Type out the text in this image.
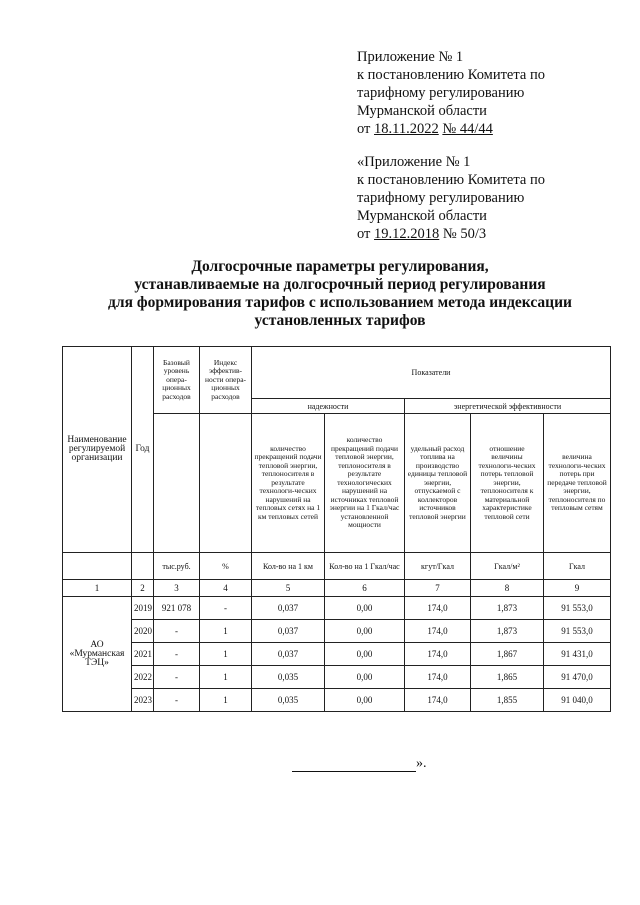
Приложение № 1
к постановлению Комитета по
тарифному регулированию
Мурманской области
от 18.11.2022 № 44/44
«Приложение № 1
к постановлению Комитета по
тарифному регулированию
Мурманской области
от 19.12.2018 № 50/3
Долгосрочные параметры регулирования,
устанавливаемые на долгосрочный период регулирования
для формирования тарифов с использованием метода индексации
установленных тарифов
Наименование регулируемой организации	Год	Базовый уровень опера-ционных расходов	Индекс эффектив-ности опера-ционных расходов	Показатели				
				надежности		энергетической эффективности		
				количество прекращений подачи тепловой энергии, теплоносителя в результате технологи-ческих нарушений на тепловых сетях на 1 км тепловых сетей	количество прекращений подачи тепловой энергии, теплоносителя в результате технологических нарушений на источниках тепловой энергии на 1 Гкал/час установленной мощности	удельный расход топлива на производство единицы тепловой энергии, отпускаемой с коллекторов источников тепловой энергии	отношение величины технологи-ческих потерь тепловой энергии, теплоносителя к материальной характеристике тепловой сети	величина технологи-ческих потерь при передаче тепловой энергии, теплоносителя по тепловым сетям

		тыс.руб.	%	Кол-во на 1 км	Кол-во на 1 Гкал/час	кгут/Гкал	Гкал/м²	Гкал
1	2	3	4	5	6	7	8	9
АО «Мурманская ТЭЦ»	2019	921 078	-	0,037	0,00	174,0	1,873	91 553,0
	2020	-	1	0,037	0,00	174,0	1,873	91 553,0
	2021	-	1	0,037	0,00	174,0	1,867	91 431,0
	2022	-	1	0,035	0,00	174,0	1,865	91 470,0
	2023	-	1	0,035	0,00	174,0	1,855	91 040,0
».
